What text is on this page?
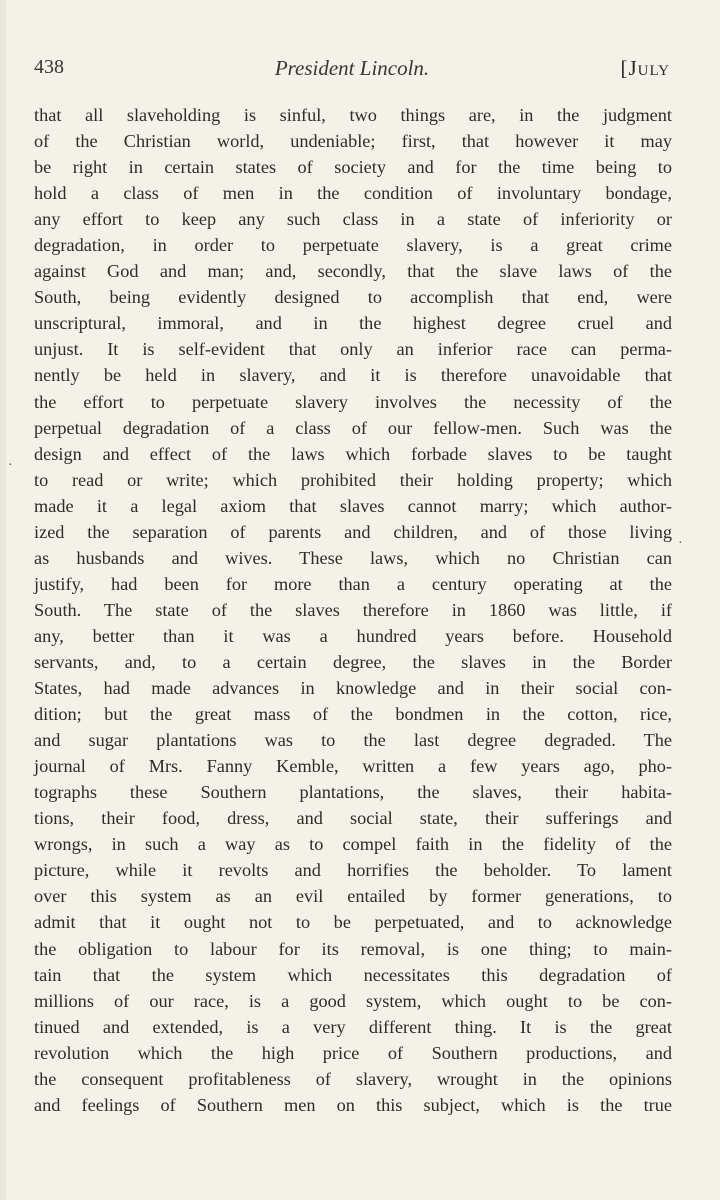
438	President Lincoln.	[July
that all slaveholding is sinful, two things are, in the judgment
of the Christian world, undeniable; first, that however it may
be right in certain states of society and for the time being to
hold a class of men in the condition of involuntary bondage,
any effort to keep any such class in a state of inferiority or
degradation, in order to perpetuate slavery, is a great crime
against God and man; and, secondly, that the slave laws of the
South, being evidently designed to accomplish that end, were
unscriptural, immoral, and in the highest degree cruel and
unjust. It is self-evident that only an inferior race can perma-
nently be held in slavery, and it is therefore unavoidable that
the effort to perpetuate slavery involves the necessity of the
perpetual degradation of a class of our fellow-men. Such was the
design and effect of the laws which forbade slaves to be taught
to read or write; which prohibited their holding property; which
made it a legal axiom that slaves cannot marry; which author-
ized the separation of parents and children, and of those living
as husbands and wives. These laws, which no Christian can
justify, had been for more than a century operating at the
South. The state of the slaves therefore in 1860 was little, if
any, better than it was a hundred years before. Household
servants, and, to a certain degree, the slaves in the Border
States, had made advances in knowledge and in their social con-
dition; but the great mass of the bondmen in the cotton, rice,
and sugar plantations was to the last degree degraded. The
journal of Mrs. Fanny Kemble, written a few years ago, pho-
tographs these Southern plantations, the slaves, their habita-
tions, their food, dress, and social state, their sufferings and
wrongs, in such a way as to compel faith in the fidelity of the
picture, while it revolts and horrifies the beholder. To lament
over this system as an evil entailed by former generations, to
admit that it ought not to be perpetuated, and to acknowledge
the obligation to labour for its removal, is one thing; to main-
tain that the system which necessitates this degradation of
millions of our race, is a good system, which ought to be con-
tinued and extended, is a very different thing. It is the great
revolution which the high price of Southern productions, and
the consequent profitableness of slavery, wrought in the opinions
and feelings of Southern men on this subject, which is the true
·
·
